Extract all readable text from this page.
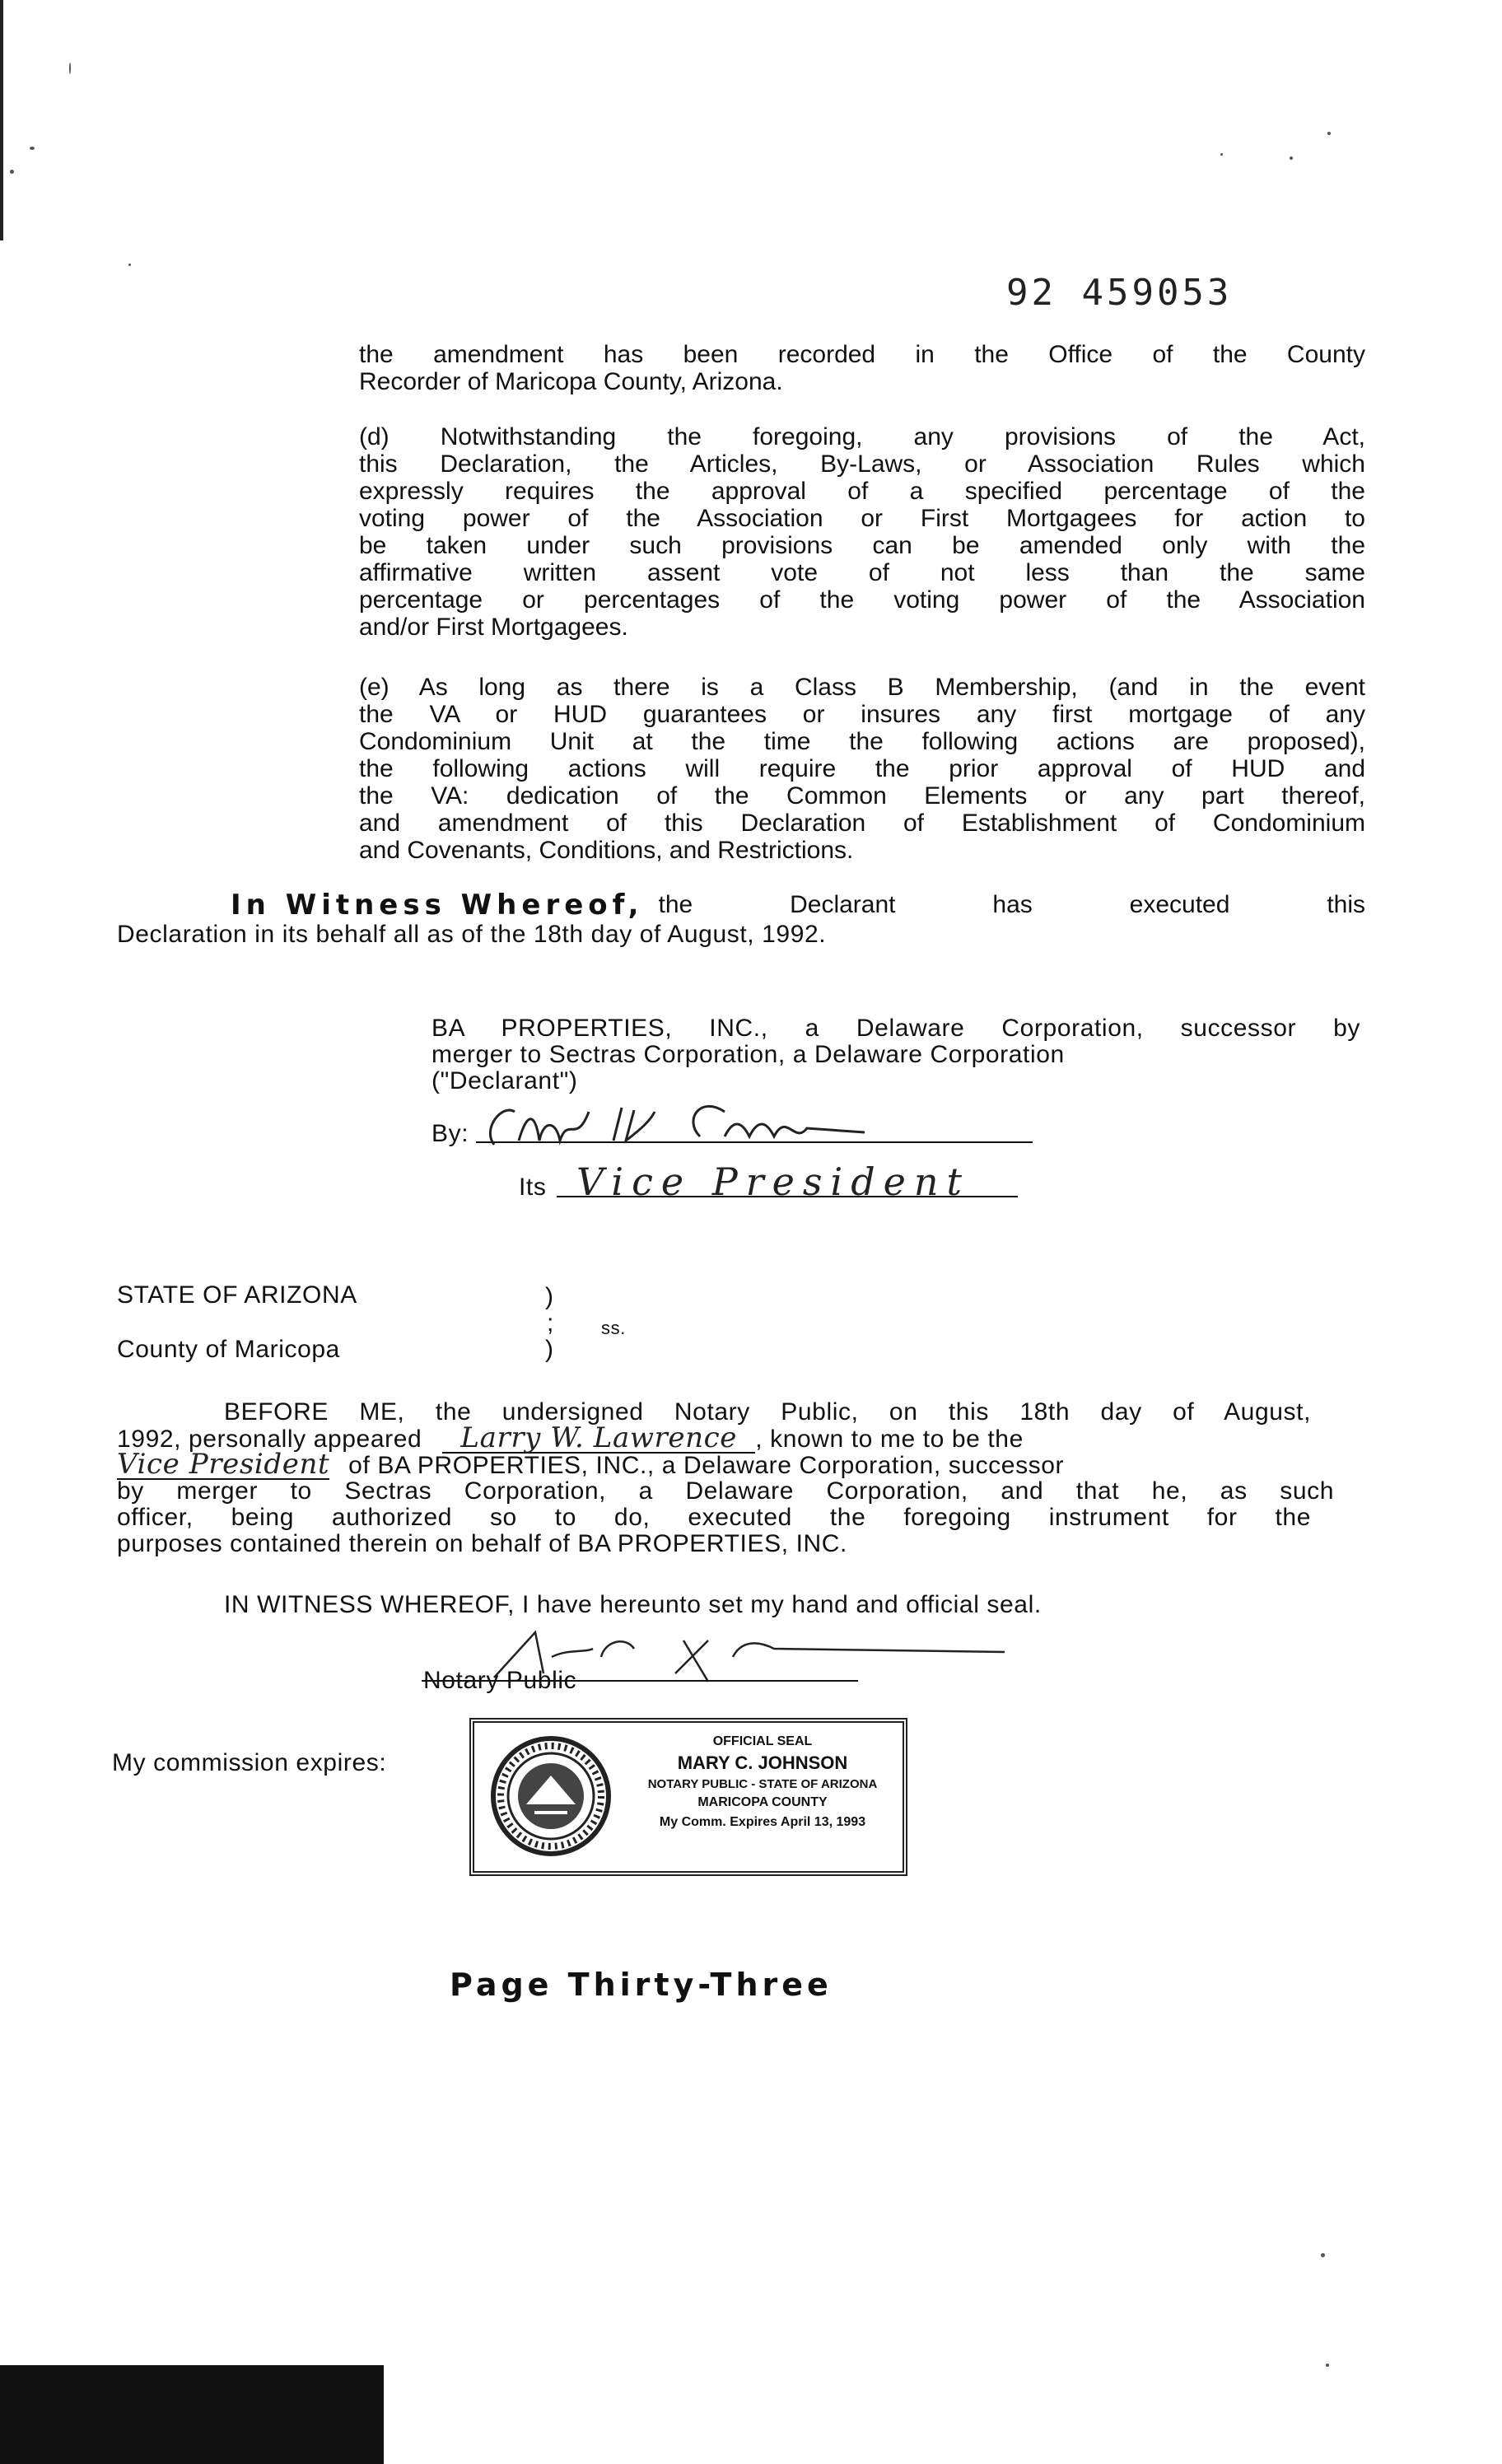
92 459053
the amendment has been recorded in the Office of the County
Recorder of Maricopa County, Arizona.
(d) Notwithstanding the foregoing, any provisions of the Act,
this Declaration, the Articles, By-Laws, or Association Rules which
expressly requires the approval of a specified percentage of the
voting power of the Association or First Mortgagees for action to
be taken under such provisions can be amended only with the
affirmative written assent vote of not less than the same
percentage or percentages of the voting power of the Association
and/or First Mortgagees.
(e) As long as there is a Class B Membership, (and in the event
the VA or HUD guarantees or insures any first mortgage of any
Condominium Unit at the time the following actions are proposed),
the following actions will require the prior approval of HUD and
the VA: dedication of the Common Elements or any part thereof,
and amendment of this Declaration of Establishment of Condominium
and Covenants, Conditions, and Restrictions.
In Witness Whereof, the Declarant has executed this
Declaration in its behalf all as of the 18th day of August, 1992.
BA PROPERTIES, INC., a Delaware Corporation, successor by
merger to Sectras Corporation, a Delaware Corporation
("Declarant")
By:
Its Vice President
STATE OF ARIZONA
County of Maricopa
)
;
)
ss.
BEFORE ME, the undersigned Notary Public, on this 18th day of August,
1992, personally appeared Larry W. Lawrence , known to me to be the
Vice President of BA PROPERTIES, INC., a Delaware Corporation, successor
by merger to Sectras Corporation, a Delaware Corporation, and that he, as such
officer, being authorized so to do, executed the foregoing instrument for the
purposes contained therein on behalf of BA PROPERTIES, INC.
IN WITNESS WHEREOF, I have hereunto set my hand and official seal.
Notary Public
My commission expires:
OFFICIAL SEAL
MARY C. JOHNSON
NOTARY PUBLIC - STATE OF ARIZONA
MARICOPA COUNTY
My Comm. Expires April 13, 1993
Page Thirty-Three
